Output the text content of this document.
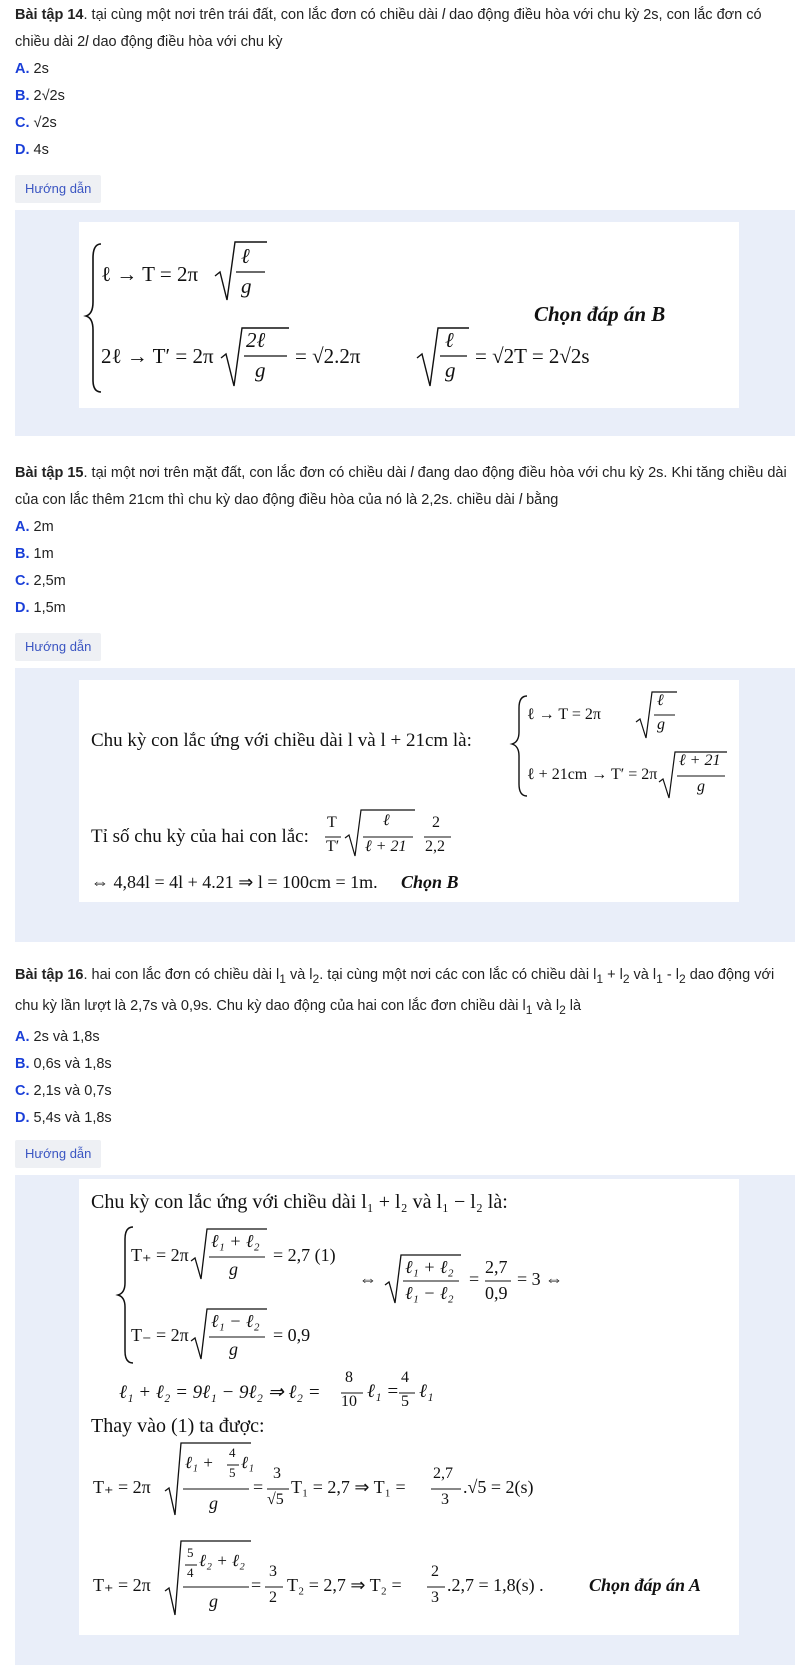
Bài tập 14. tại cùng một nơi trên trái đất, con lắc đơn có chiều dài l dao động điều hòa với chu kỳ 2s, con lắc đơn có chiều dài 2l dao động điều hòa với chu kỳ
A. 2s
B. 2√2s
C. √2s
D. 4s
Hướng dẫn
ℓ → T = 2π
ℓ
g
2ℓ → T′ = 2π
2ℓ
g
= √2.2π
ℓ
g
= √2T = 2√2s
Chọn đáp án B
Bài tập 15. tại một nơi trên mặt đất, con lắc đơn có chiều dài l đang dao động điều hòa với chu kỳ 2s. Khi tăng chiều dài của con lắc thêm 21cm thì chu kỳ dao động điều hòa của nó là 2,2s. chiều dài l bằng
A. 2m
B. 1m
C. 2,5m
D. 1,5m
Hướng dẫn
Chu kỳ con lắc ứng với chiều dài l và l + 21cm là:
ℓ → T = 2π
ℓ
g
ℓ + 21cm → T′ = 2π
ℓ + 21
g
Tỉ số chu kỳ của hai con lắc:
T
T′
ℓ
ℓ + 21
2
2,2
⇔ 4,84l = 4l + 4.21 ⇒ l = 100cm = 1m. Chọn B
Bài tập 16. hai con lắc đơn có chiều dài $l_1$ và $l_2$. tại cùng một nơi các con lắc có chiều dài $l_1 + l_2$ và $l_1 - l_2$ dao động với chu kỳ lần lượt là 2,7s và 0,9s. Chu kỳ dao động của hai con lắc đơn chiều dài $l_1$ và $l_2$ là
A. 2s và 1,8s
B. 0,6s và 1,8s
C. 2,1s và 0,7s
D. 5,4s và 1,8s
Hướng dẫn
Chu kỳ con lắc ứng với chiều dài l₁ + l₂ và l₁ − l₂ là:
T₊ = 2π
ℓ₁ + ℓ₂
g
= 2,7 (1)
T₋ = 2π
ℓ₁ − ℓ₂
g
= 0,9
⇔
ℓ₁ + ℓ₂
ℓ₁ − ℓ₂
=
2,7
0,9
= 3 ⇔
ℓ₁ + ℓ₂ = 9ℓ₁ − 9ℓ₂ ⇒ ℓ₂ =
8
10 ℓ₁ =
4
5 ℓ₁
Thay vào (1) ta được:
T₊ = 2π
ℓ₁ +
4
5
ℓ₁
g
=
3
√5
T₁ = 2,7 ⇒ T₁ =
2,7
3
.√5 = 2(s)
T₊ = 2π
5
4
ℓ₂ + ℓ₂
g
=
3
2
T₂ = 2,7 ⇒ T₂ =
2
3
.2,7 = 1,8(s) .	Chọn đáp án A
